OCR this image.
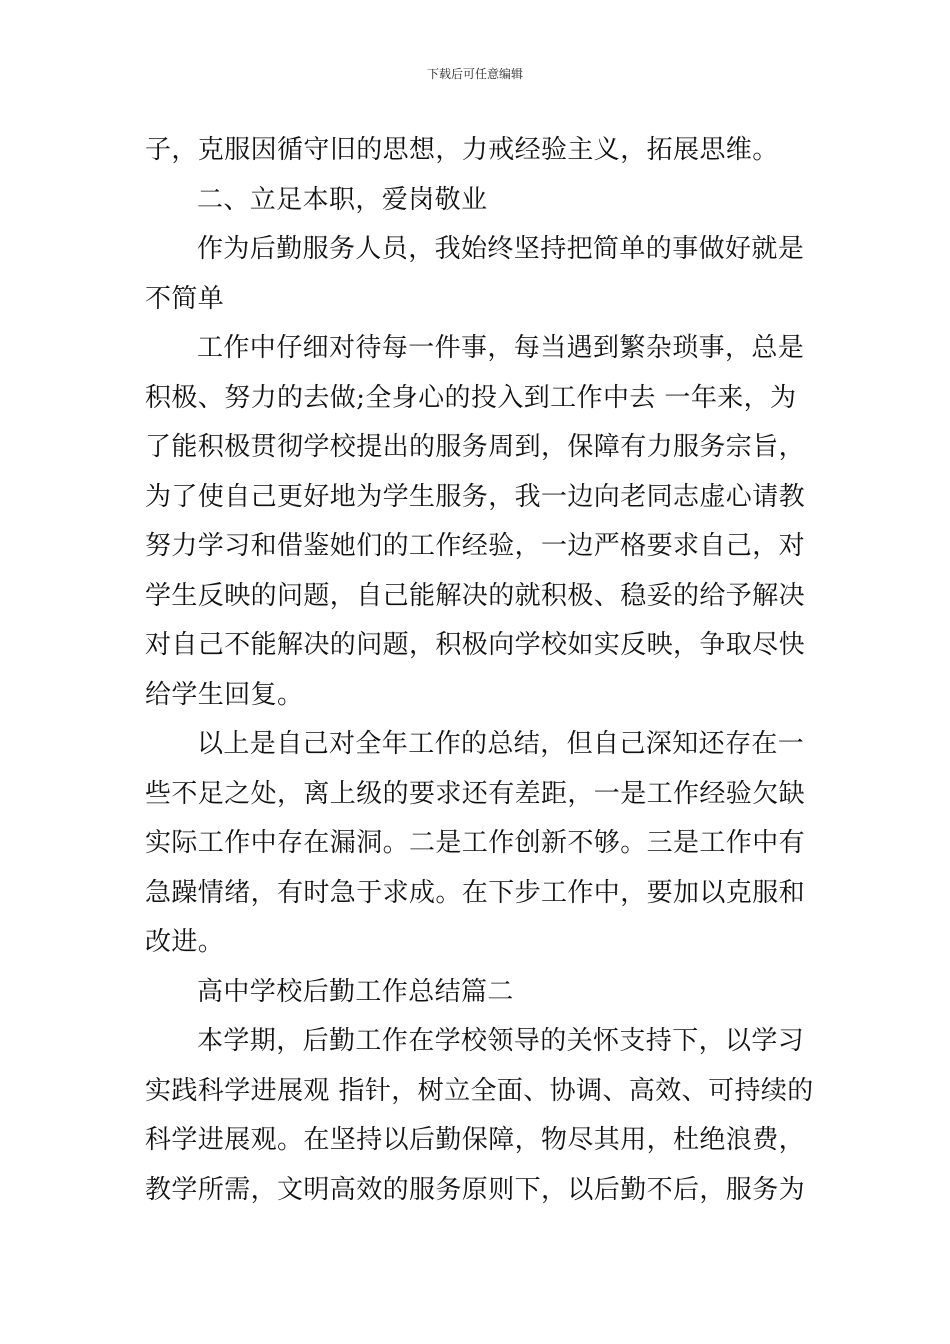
下载后可任意编辑
子，克服因循守旧的思想，力戒经验主义，拓展思维。
二、立足本职，爱岗敬业
作为后勤服务人员，我始终坚持把简单的事做好就是
不简单
工作中仔细对待每一件事，每当遇到繁杂琐事，总是
积极、努力的去做;全身心的投入到工作中去 一年来，为
了能积极贯彻学校提出的服务周到，保障有力服务宗旨，
为了使自己更好地为学生服务，我一边向老同志虚心请教
努力学习和借鉴她们的工作经验，一边严格要求自己，对
学生反映的问题，自己能解决的就积极、稳妥的给予解决
对自己不能解决的问题，积极向学校如实反映，争取尽快
给学生回复。
以上是自己对全年工作的总结，但自己深知还存在一
些不足之处，离上级的要求还有差距，一是工作经验欠缺
实际工作中存在漏洞。二是工作创新不够。三是工作中有
急躁情绪，有时急于求成。在下步工作中，要加以克服和
改进。
高中学校后勤工作总结篇二
本学期，后勤工作在学校领导的关怀支持下，以学习
实践科学进展观 指针，树立全面、协调、高效、可持续的
科学进展观。在坚持以后勤保障，物尽其用，杜绝浪费，
教学所需，文明高效的服务原则下，以后勤不后，服务为
